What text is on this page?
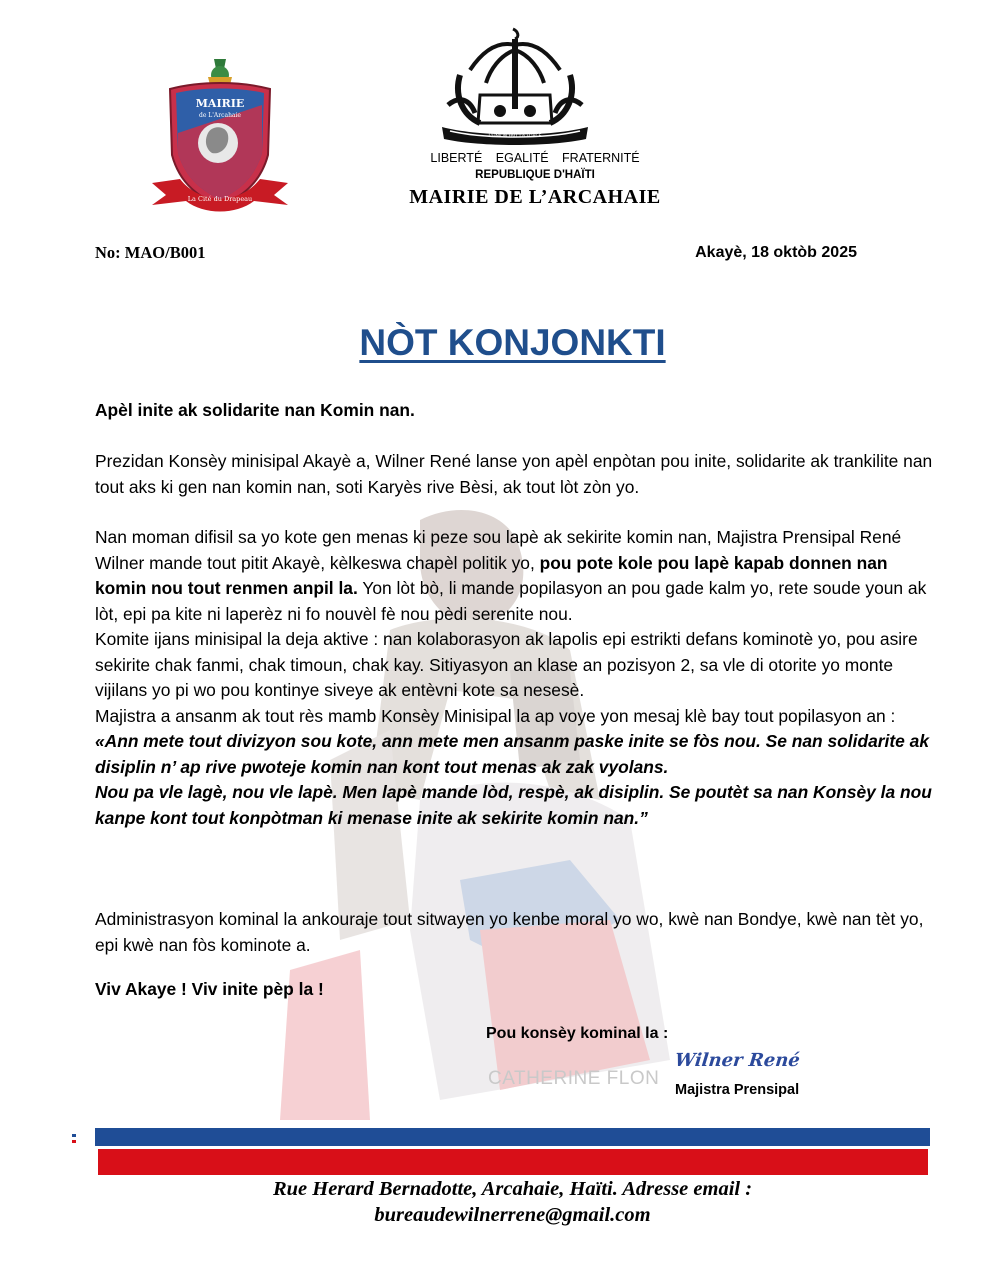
CATHERINE FLON
MAIRIE
de L'Arcahaie
La Cité du Drapeau
L'UNION FAIT LA FORCE
LIBERTÉ EGALITÉ FRATERNITÉ
REPUBLIQUE D'HAÏTI
MAIRIE DE L’ARCAHAIE
No: MAO/B001	Akayè, 18 oktòb 2025
NÒT KONJONKTI

Apèl inite ak solidarite nan Komin nan.

Prezidan Konsèy minisipal Akayè a, Wilner René lanse yon apèl enpòtan pou inite, solidarite ak trankilite nan tout aks ki gen nan komin nan, soti Karyès rive Bèsi, ak tout lòt zòn yo.

Nan moman difisil sa yo kote gen menas ki peze sou lapè ak sekirite komin nan, Majistra Prensipal René Wilner mande tout pitit Akayè, kèlkeswa chapèl politik yo, pou pote kole pou lapè kapab donnen nan komin nou tout renmen anpil la. Yon lòt bò, li mande popilasyon an pou gade kalm yo, rete soude youn ak lòt, epi pa kite ni laperèz ni fo nouvèl fè nou pèdi serenite nou.

Komite ijans minisipal la deja aktive : nan kolaborasyon ak lapolis epi estrikti defans kominotè yo, pou asire sekirite chak fanmi, chak timoun, chak kay. Sitiyasyon an klase an pozisyon 2, sa vle di otorite yo monte vijilans yo pi wo pou kontinye siveye ak entèvni kote sa nesesè.

Majistra a ansanm ak tout rès mamb Konsèy Minisipal la ap voye yon mesaj klè bay tout popilasyon an :

«Ann mete tout divizyon sou kote, ann mete men ansanm paske inite se fòs nou. Se nan solidarite ak disiplin n’ ap rive pwoteje komin nan kont tout menas ak zak vyolans.

Nou pa vle lagè, nou vle lapè. Men lapè mande lòd, respè, ak disiplin. Se poutèt sa nan Konsèy la nou kanpe kont tout konpòtman ki menase inite ak sekirite komin nan.”

Administrasyon kominal la ankouraje tout sitwayen yo kenbe moral yo wo, kwè nan Bondye, kwè nan tèt yo, epi kwè nan fòs kominote a.

Viv Akaye ! Viv inite pèp la !

Pou konsèy kominal la :
Wilner René
Majistra Prensipal
Rue Herard Bernadotte, Arcahaie, Haïti. Adresse email :
bureaudewilnerrene@gmail.com
